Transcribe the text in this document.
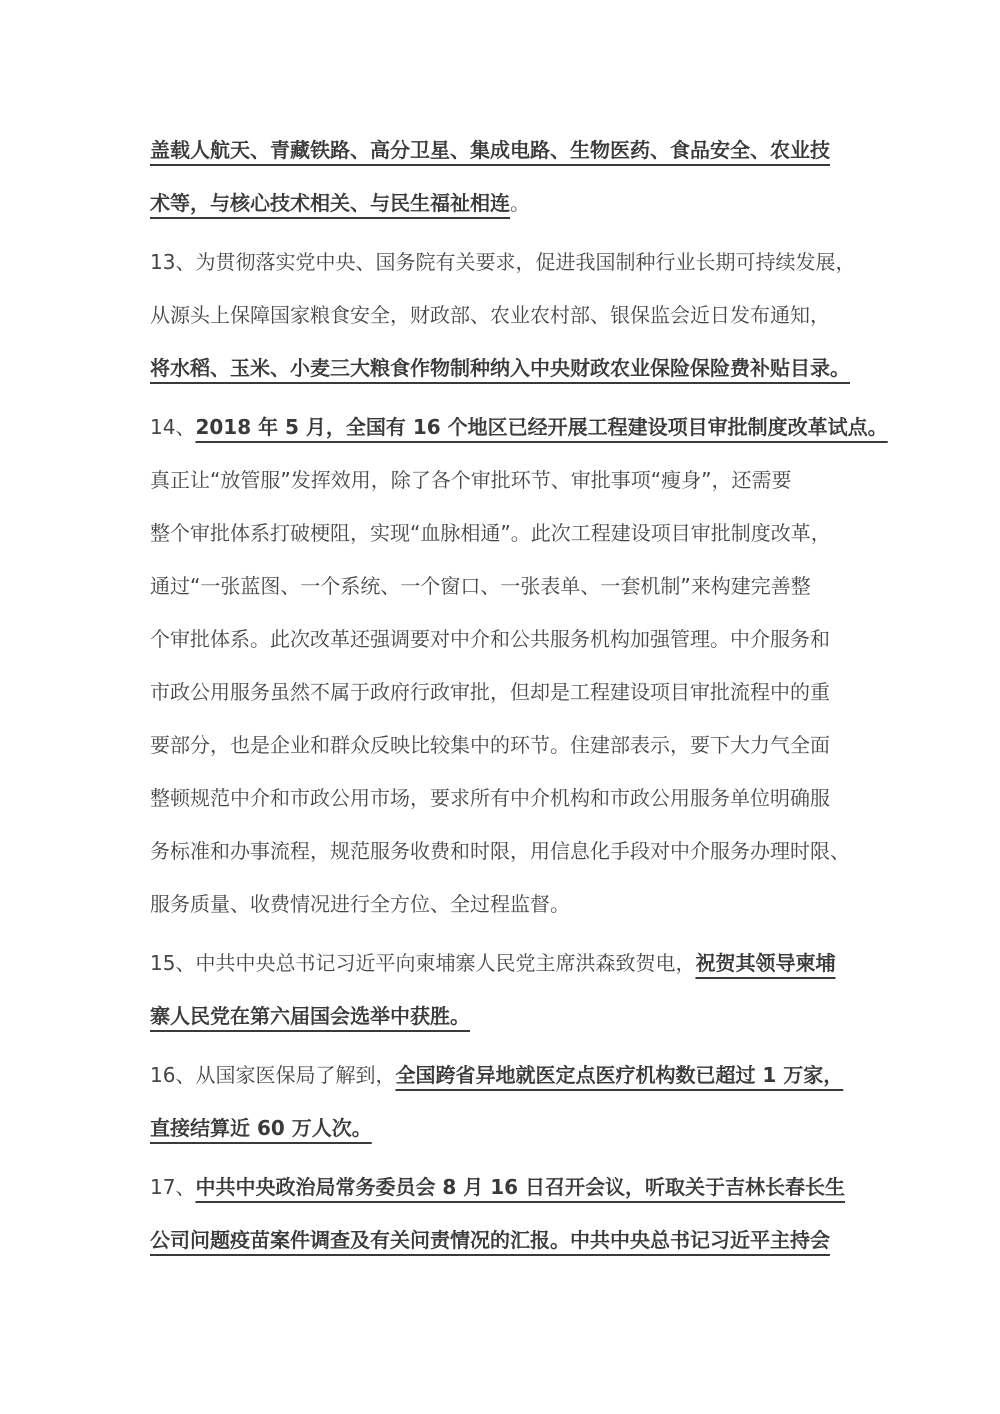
盖载人航天、青藏铁路、高分卫星、集成电路、生物医药、食品安全、农业技
术等，与核心技术相关、与民生福祉相连。
13、为贯彻落实党中央、国务院有关要求，促进我国制种行业长期可持续发展，
从源头上保障国家粮食安全，财政部、农业农村部、银保监会近日发布通知，
将水稻、玉米、小麦三大粮食作物制种纳入中央财政农业保险保险费补贴目录。
14、2018 年 5 月，全国有 16 个地区已经开展工程建设项目审批制度改革试点。
真正让“放管服”发挥效用，除了各个审批环节、审批事项“瘦身”，还需要
整个审批体系打破梗阻，实现“血脉相通”。此次工程建设项目审批制度改革，
通过“一张蓝图、一个系统、一个窗口、一张表单、一套机制”来构建完善整
个审批体系。此次改革还强调要对中介和公共服务机构加强管理。中介服务和
市政公用服务虽然不属于政府行政审批，但却是工程建设项目审批流程中的重
要部分，也是企业和群众反映比较集中的环节。住建部表示，要下大力气全面
整顿规范中介和市政公用市场，要求所有中介机构和市政公用服务单位明确服
务标准和办事流程，规范服务收费和时限，用信息化手段对中介服务办理时限、
服务质量、收费情况进行全方位、全过程监督。
15、中共中央总书记习近平向柬埔寨人民党主席洪森致贺电，祝贺其领导柬埔
寨人民党在第六届国会选举中获胜。
16、从国家医保局了解到，全国跨省异地就医定点医疗机构数已超过 1 万家，
直接结算近 60 万人次。
17、中共中央政治局常务委员会 8 月 16 日召开会议，听取关于吉林长春长生
公司问题疫苗案件调查及有关问责情况的汇报。中共中央总书记习近平主持会
